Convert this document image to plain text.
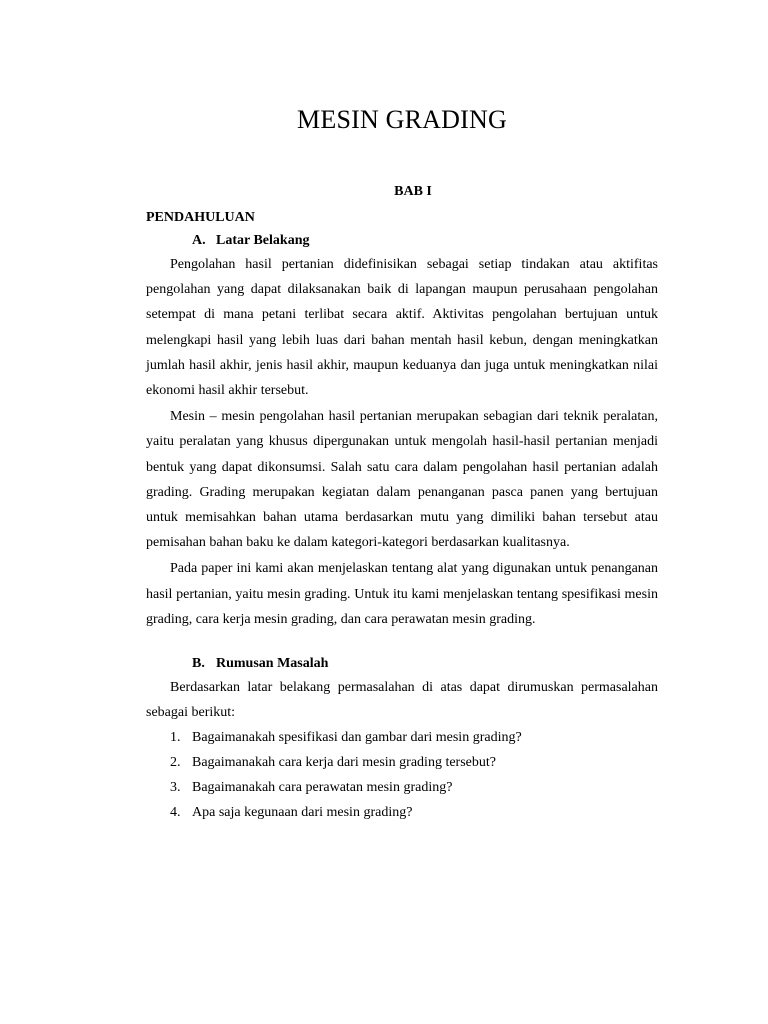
MESIN GRADING
BAB I
PENDAHULUAN
A. Latar Belakang

Pengolahan hasil pertanian didefinisikan sebagai setiap tindakan atau aktifitas pengolahan yang dapat dilaksanakan baik di lapangan maupun perusahaan pengolahan setempat di mana petani terlibat secara aktif. Aktivitas pengolahan bertujuan untuk melengkapi hasil yang lebih luas dari bahan mentah hasil kebun, dengan meningkatkan jumlah hasil akhir, jenis hasil akhir, maupun keduanya dan juga untuk meningkatkan nilai ekonomi hasil akhir tersebut.

Mesin – mesin pengolahan hasil pertanian merupakan sebagian dari teknik peralatan, yaitu peralatan yang khusus dipergunakan untuk mengolah hasil-hasil pertanian menjadi bentuk yang dapat dikonsumsi. Salah satu cara dalam pengolahan hasil pertanian adalah grading. Grading merupakan kegiatan dalam penanganan pasca panen yang bertujuan untuk memisahkan bahan utama berdasarkan mutu yang dimiliki bahan tersebut atau pemisahan bahan baku ke dalam kategori-kategori berdasarkan kualitasnya.

Pada paper ini kami akan menjelaskan tentang alat yang digunakan untuk penanganan hasil pertanian, yaitu mesin grading. Untuk itu kami menjelaskan tentang spesifikasi mesin grading, cara kerja mesin grading, dan cara perawatan mesin grading.

B. Rumusan Masalah

Berdasarkan latar belakang permasalahan di atas dapat dirumuskan permasalahan sebagai berikut:

1. Bagaimanakah spesifikasi dan gambar dari mesin grading?
2. Bagaimanakah cara kerja dari mesin grading tersebut?
3. Bagaimanakah cara perawatan mesin grading?
4. Apa saja kegunaan dari mesin grading?
